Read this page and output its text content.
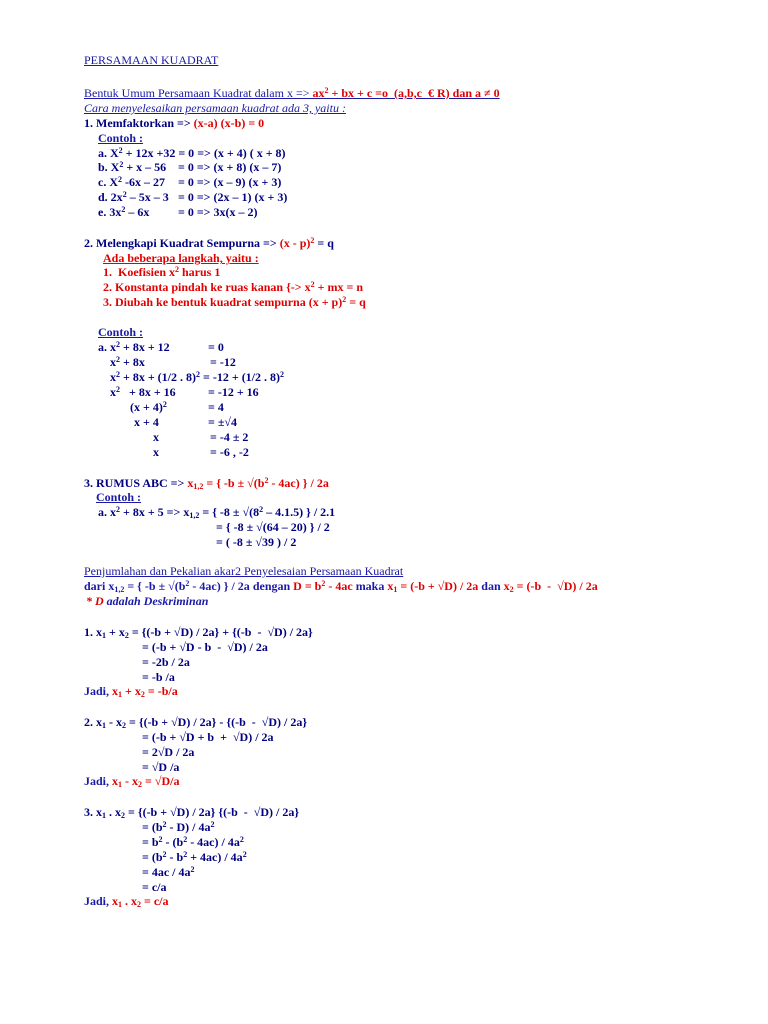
PERSAMAAN KUADRAT
Bentuk Umum Persamaan Kuadrat dalam $x => ax^2$ + bx + c =o  (a,b,c  € R) dan a ≠ 0
Cara menyelesaikan persamaan kuadrat ada 3, yaitu :
1. Memfaktorkan => (x-a) (x-b) = 0
Contoh :
a. $X^2 + 12x +32 = 0 => (x + 4)$ ( x + 8)
b. $X^2 + x - 56 = 0 => (x + 8)$ (x – 7)
c. $X^2$ -6x – 27 = 0 => (x – 9) (x + 3)
d. $2x^2 - 5x - 3 = 0 => (2x - 1) (x + 3)$
e. $3x^2 - 6x = 0 => 3x(x - 2)$
2. Melengkapi Kuadrat Sempurna => (x - p)$^2$ = q
Ada beberapa langkah, yaitu :
1.  Koefisien $x^2$ harus 1
2. Konstanta pindah ke ruas kanan {-> $x^2$ + mx = n
3. Diubah ke bentuk kuadrat sempurna $(x + p)^2 = q$
Contoh :
a. $x^2 + 8x + 12$	= 0
$x^2 + 8x$	= -12
$x^2 + 8x + (1/2$ . 8)$^2$ = -12 + (1/2 . 8)$^2$
$x^2 + 8x + 16$	= -12 + 16
$(x + 4)^2$	= 4
x + 4	= ±√4
x	= -4 ± 2
x	= -6 , -2
3. RUMUS ABC => $x_{1,2}$ = { $-b \pm √(b^2 - 4ac)$ } / 2a
Contoh :
a. $x^2 + 8x + 5 => x_{1,2}$ = { $-8 \pm √(8^2 - 4.1.5)$ } / 2.1
= { -8 ± √(64 – 20) } / 2
= ( -8 ± √39 ) / 2
Penjumlahan dan Pekalian akar2 Penyelesaian Persamaan Kuadrat
dari $x_{1,2}$ = { $-b \pm √(b^2 - 4ac)$ } / 2a dengan $D = b^2 - 4ac$ maka $x_1 = (-b + √D) / 2a$ dan $x_2 = (-b - √D) / 2a$
* D adalah Deskriminan
1. $x_1 + x_2 = \{(-b + √D) / 2a\} + \{(-b - √D) / 2a\}$
= (-b + √D - b  -  √D) / 2a
= -2b / 2a
= -b /a
Jadi, $x_1 + x_2 = -b/a$
2. $x_1 - x_2 = \{(-b + √D) / 2a\} - \{(-b - √D) / 2a\}$
= (-b + √D + b  +  √D) / 2a
= 2√D / 2a
= √D /a
Jadi, $x_1 - x_2 = √D/a$
3. $x_1$ . $x_2 = \{(-b + √D) / 2a\}$ {(-b  -  √D) / 2a}
= $(b^2 - D) / 4a^2$
= $b^2 - (b^2 - 4ac) / 4a^2$
= $(b^2 - b^2 + 4ac) / 4a^2$
= $4ac / 4a^2$
= c/a
Jadi, $x_1$ . $x_2 = c/a$
